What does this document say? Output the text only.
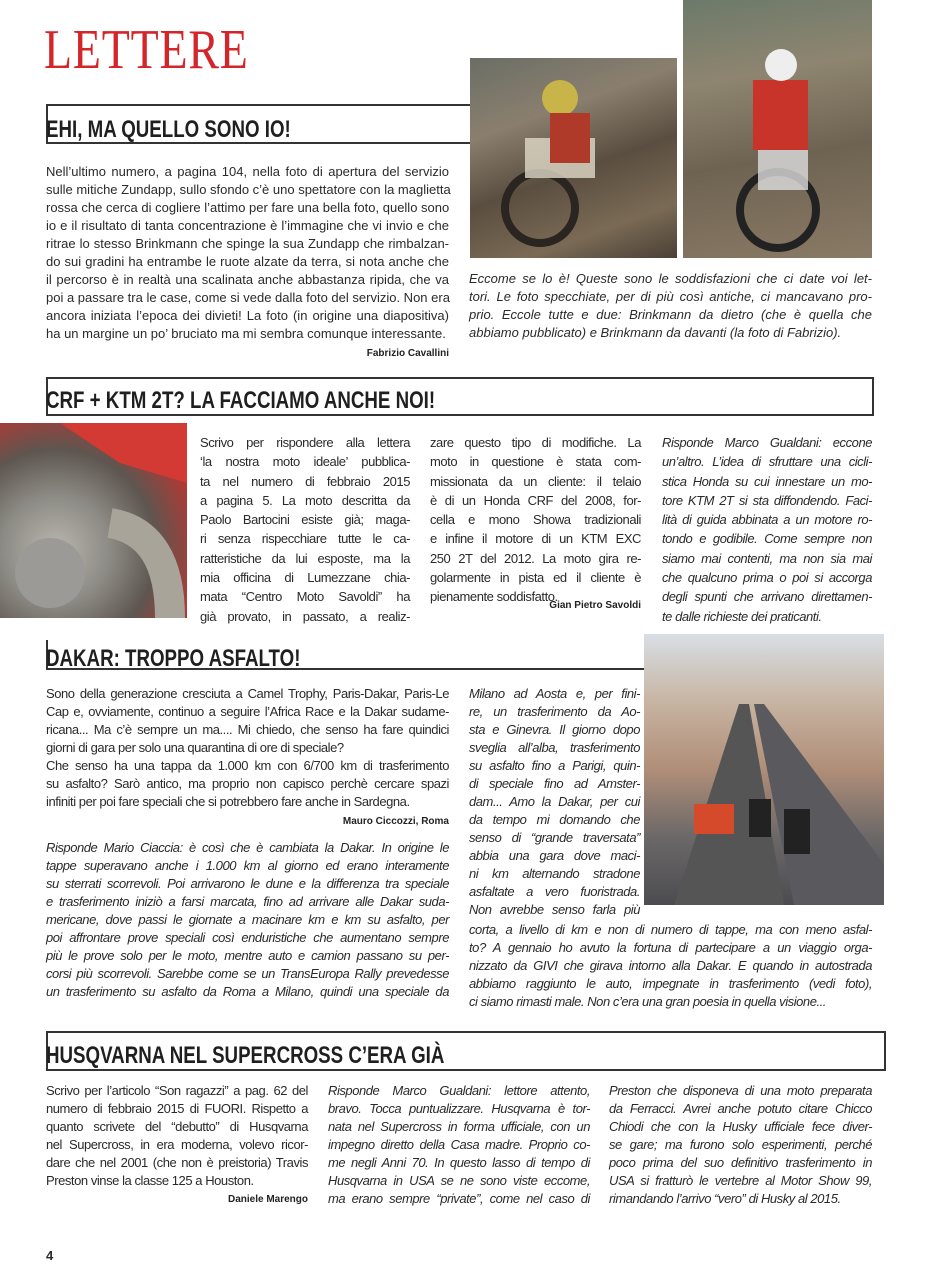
LETTERE
EHI, MA QUELLO SONO IO!
Nell’ultimo numero, a pagina 104, nella foto di apertura del servizio
sulle mitiche Zundapp, sullo sfondo c’è uno spettatore con la maglietta
rossa che cerca di cogliere l’attimo per fare una bella foto, quello sono
io e il risultato di tanta concentrazione è l’immagine che vi invio e che
ritrae lo stesso Brinkmann che spinge la sua Zundapp che rimbalzan-
do sui gradini ha entrambe le ruote alzate da terra, si nota anche che
il percorso è in realtà una scalinata anche abbastanza ripida, che va
poi a passare tra le case, come si vede dalla foto del servizio. Non era
ancora iniziata l’epoca dei divieti! La foto (in origine una diapositiva)
ha un margine un po’ bruciato ma mi sembra comunque interessante.
Fabrizio Cavallini
Eccome se lo è! Queste sono le soddisfazioni che ci date voi let-
tori. Le foto specchiate, per di più così antiche, ci mancavano pro-
prio. Eccole tutte e due: Brinkmann da dietro (che è quella che
abbiamo pubblicato) e Brinkmann da davanti (la foto di Fabrizio).
CRF + KTM 2T? LA FACCIAMO ANCHE NOI!
Scrivo per rispondere alla lettera
‘la nostra moto ideale’ pubblica-
ta nel numero di febbraio 2015
a pagina 5. La moto descritta da
Paolo Bartocini esiste già; maga-
ri senza rispecchiare tutte le ca-
ratteristiche da lui esposte, ma la
mia officina di Lumezzane chia-
mata “Centro Moto Savoldi” ha
già provato, in passato, a realiz-
zare questo tipo di modifiche. La
moto in questione è stata com-
missionata da un cliente: il telaio
è di un Honda CRF del 2008, for-
cella e mono Showa tradizionali
e infine il motore di un KTM EXC
250 2T del 2012. La moto gira re-
golarmente in pista ed il cliente è
pienamente soddisfatto.
Gian Pietro Savoldi
Risponde Marco Gualdani: eccone
un’altro. L’idea di sfruttare una cicli-
stica Honda su cui innestare un mo-
tore KTM 2T si sta diffondendo. Faci-
lità di guida abbinata a un motore ro-
tondo e godibile. Come sempre non
siamo mai contenti, ma non sia mai
che qualcuno prima o poi si accorga
degli spunti che arrivano direttamen-
te dalle richieste dei praticanti.
DAKAR: TROPPO ASFALTO!
Sono della generazione cresciuta a Camel Trophy, Paris-Dakar, Paris-Le
Cap e, ovviamente, continuo a seguire l’Africa Race e la Dakar sudame-
ricana... Ma c’è sempre un ma.... Mi chiedo, che senso ha fare quindici
giorni di gara per solo una quarantina di ore di speciale?
Che senso ha una tappa da 1.000 km con 6/700 km di trasferimento
su asfalto? Sarò antico, ma proprio non capisco perchè cercare spazi
infiniti per poi fare speciali che si potrebbero fare anche in Sardegna.
Mauro Ciccozzi, Roma
Risponde Mario Ciaccia: è così che è cambiata la Dakar. In origine le
tappe superavano anche i 1.000 km al giorno ed erano interamente
su sterrati scorrevoli. Poi arrivarono le dune e la differenza tra speciale
e trasferimento iniziò a farsi marcata, fino ad arrivare alle Dakar suda-
mericane, dove passi le giornate a macinare km e km su asfalto, per
poi affrontare prove speciali così enduristiche che aumentano sempre
più le prove solo per le moto, mentre auto e camion passano su per-
corsi più scorrevoli. Sarebbe come se un TransEuropa Rally prevedesse
un trasferimento su asfalto da Roma a Milano, quindi una speciale da
Milano ad Aosta e, per fini-
re, un trasferimento da Ao-
sta e Ginevra. Il giorno dopo
sveglia all’alba, trasferimento
su asfalto fino a Parigi, quin-
di speciale fino ad Amster-
dam... Amo la Dakar, per cui
da tempo mi domando che
senso di “grande traversata”
abbia una gara dove maci-
ni km alternando stradone
asfaltate a vero fuoristrada.
Non avrebbe senso farla più
corta, a livello di km e non di numero di tappe, ma con meno asfal-
to? A gennaio ho avuto la fortuna di partecipare a un viaggio orga-
nizzato da GIVI che girava intorno alla Dakar. E quando in autostrada
abbiamo raggiunto le auto, impegnate in trasferimento (vedi foto),
ci siamo rimasti male. Non c’era una gran poesia in quella visione...
HUSQVARNA NEL SUPERCROSS C’ERA GIÀ
Scrivo per l’articolo “Son ragazzi” a pag. 62 del
numero di febbraio 2015 di FUORI. Rispetto a
quanto scrivete del “debutto” di Husqvarna
nel Supercross, in era moderna, volevo ricor-
dare che nel 2001 (che non è preistoria) Travis
Preston vinse la classe 125 a Houston.
Daniele Marengo
Risponde Marco Gualdani: lettore attento,
bravo. Tocca puntualizzare. Husqvarna è tor-
nata nel Supercross in forma ufficiale, con un
impegno diretto della Casa madre. Proprio co-
me negli Anni 70. In questo lasso di tempo di
Husqvarna in USA se ne sono viste eccome,
ma erano sempre “private”, come nel caso di
Preston che disponeva di una moto preparata
da Ferracci. Avrei anche potuto citare Chicco
Chiodi che con la Husky ufficiale fece diver-
se gare; ma furono solo esperimenti, perché
poco prima del suo definitivo trasferimento in
USA si fratturò le vertebre al Motor Show 99,
rimandando l’arrivo “vero” di Husky al 2015.
4
